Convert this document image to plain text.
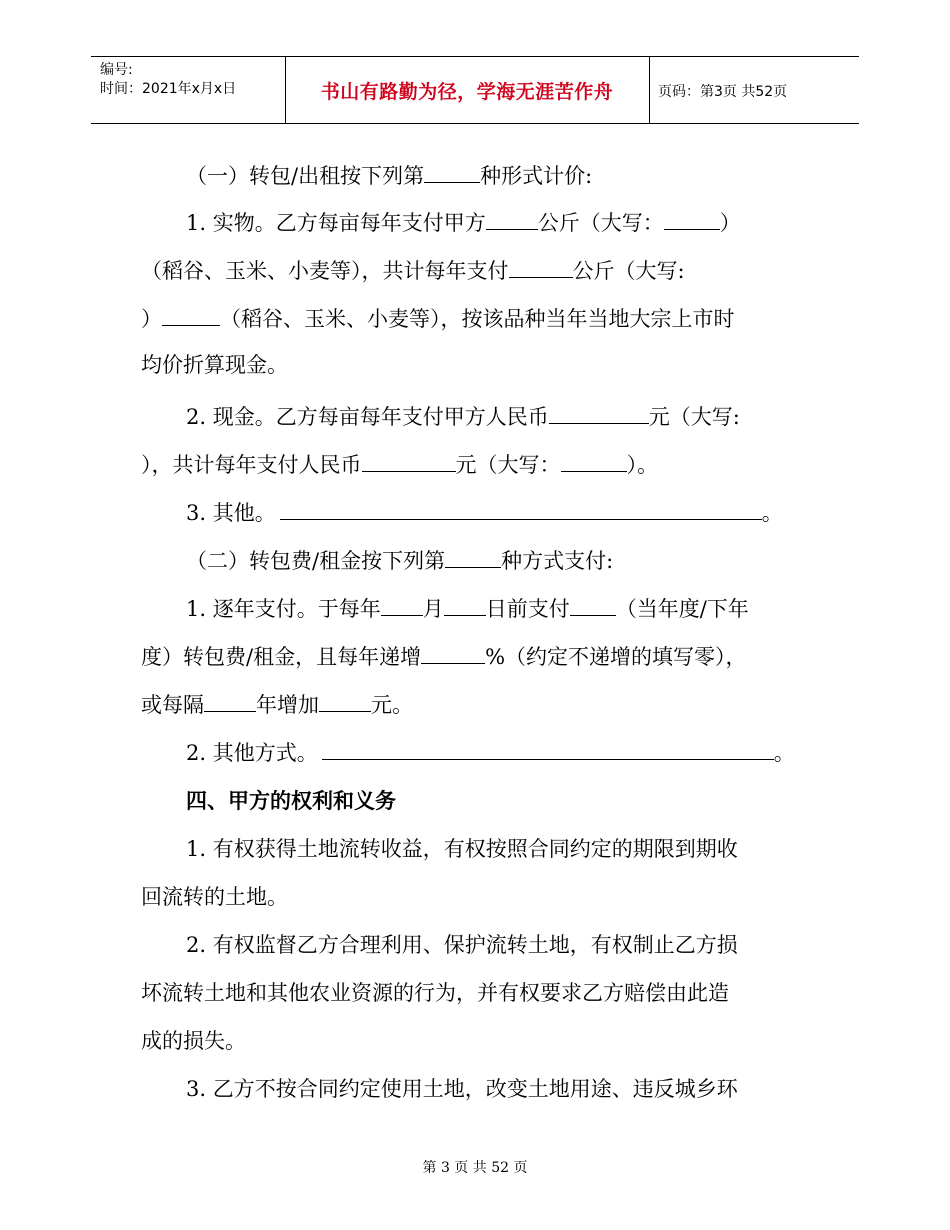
编号:
时间：2021年x月x日	书山有路勤为径，学海无涯苦作舟	页码：第3页 共52页
（一）转包/出租按下列第	种形式计价:
1. 实物。乙方每亩每年支付甲方 公斤（大写：	）
（稻谷、玉米、小麦等），共计每年支付	公斤（大写:
）	（稻谷、玉米、小麦等），按该品种当年当地大宗上市时
均价折算现金。
2. 现金。乙方每亩每年支付甲方人民币	元（大写:
），共计每年支付人民币	元（大写：	）。
3. 其他。	。
（二）转包费/租金按下列第	种方式支付:
1. 逐年支付。于每年 月 日前支付 （当年度/下年
度）转包费/租金，且每年递增	%（约定不递增的填写零），
或每隔 年增加 元。
2. 其他方式。	。
四、甲方的权利和义务
1. 有权获得土地流转收益，有权按照合同约定的期限到期收
回流转的土地。
2. 有权监督乙方合理利用、保护流转土地，有权制止乙方损
坏流转土地和其他农业资源的行为，并有权要求乙方赔偿由此造
成的损失。
3. 乙方不按合同约定使用土地，改变土地用途、违反城乡环
第 3 页 共 52 页
